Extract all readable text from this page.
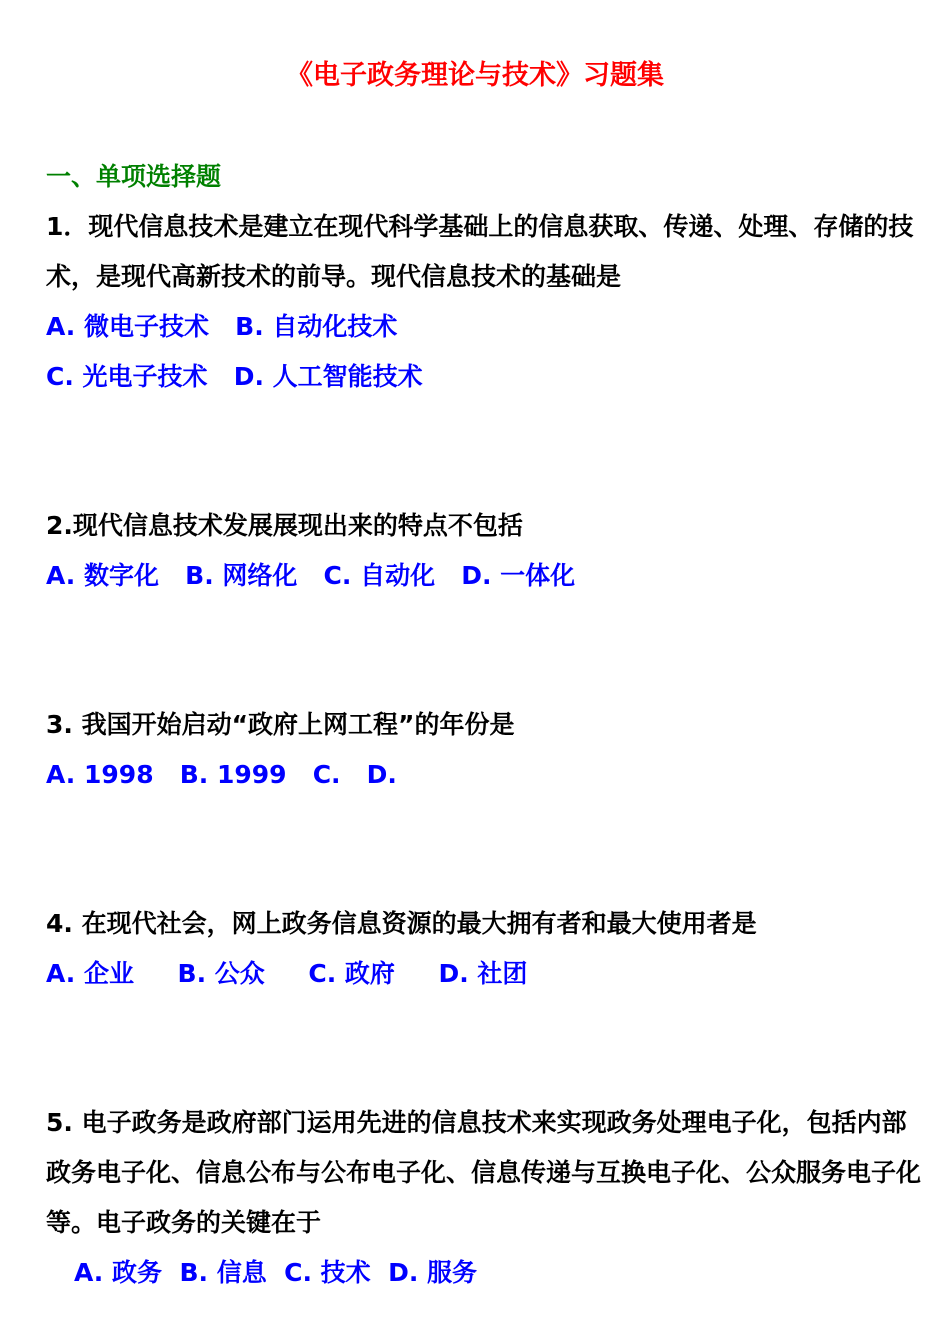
《电子政务理论与技术》习题集
一、单项选择题
1．现代信息技术是建立在现代科学基础上的信息获取、传递、处理、存储的技术，是现代高新技术的前导。现代信息技术的基础是
A. 微电子技术 B. 自动化技术
C. 光电子技术 D. 人工智能技术
2.现代信息技术发展展现出来的特点不包括
A. 数字化 B. 网络化 C. 自动化 D. 一体化
3. 我国开始启动“政府上网工程”的年份是
A. 1998 B. 1999 C. D.
4. 在现代社会，网上政务信息资源的最大拥有者和最大使用者是
A. 企业 B. 公众 C. 政府 D. 社团
5. 电子政务是政府部门运用先进的信息技术来实现政务处理电子化，包括内部政务电子化、信息公布与公布电子化、信息传递与互换电子化、公众服务电子化等。电子政务的关键在于
A. 政务 B. 信息 C. 技术 D. 服务
